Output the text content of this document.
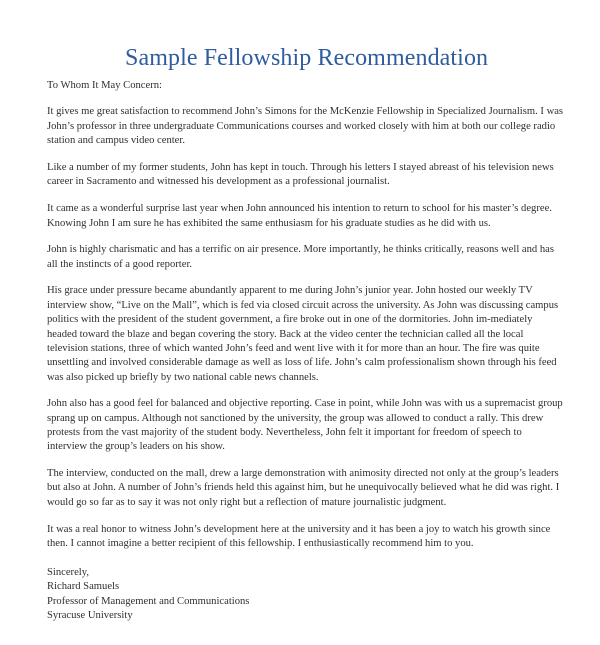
Sample Fellowship Recommendation
To Whom It May Concern:

It gives me great satisfaction to recommend John’s Simons for the McKenzie Fellowship in Specialized Journalism. I was John’s professor in three undergraduate Communications courses and worked closely with him at both our college radio station and campus video center.

Like a number of my former students, John has kept in touch. Through his letters I stayed abreast of his television news career in Sacramento and witnessed his development as a professional journalist.

It came as a wonderful surprise last year when John announced his intention to return to school for his master’s degree. Knowing John I am sure he has exhibited the same enthusiasm for his graduate studies as he did with us.

John is highly charismatic and has a terrific on air presence. More importantly, he thinks critically, reasons well and has all the instincts of a good reporter.

His grace under pressure became abundantly apparent to me during John’s junior year. John hosted our weekly TV interview show, “Live on the Mall”, which is fed via closed circuit across the university. As John was discussing campus politics with the president of the student government, a fire broke out in one of the dormitories. John im-mediately headed toward the blaze and began covering the story. Back at the video center the technician called all the local television stations, three of which wanted John’s feed and went live with it for more than an hour. The fire was quite unsettling and involved considerable damage as well as loss of life. John’s calm professionalism shown through his feed was also picked up briefly by two national cable news channels.

John also has a good feel for balanced and objective reporting. Case in point, while John was with us a supremacist group sprang up on campus. Although not sanctioned by the university, the group was allowed to conduct a rally. This drew protests from the vast majority of the student body. Nevertheless, John felt it important for freedom of speech to interview the group’s leaders on his show.

The interview, conducted on the mall, drew a large demonstration with animosity directed not only at the group’s leaders but also at John. A number of John’s friends held this against him, but he unequivocally believed what he did was right. I would go so far as to say it was not only right but a reflection of mature journalistic judgment.

It was a real honor to witness John’s development here at the university and it has been a joy to watch his growth since then. I cannot imagine a better recipient of this fellowship. I enthusiastically recommend him to you.

Sincerely,
Richard Samuels
Professor of Management and Communications
Syracuse University
